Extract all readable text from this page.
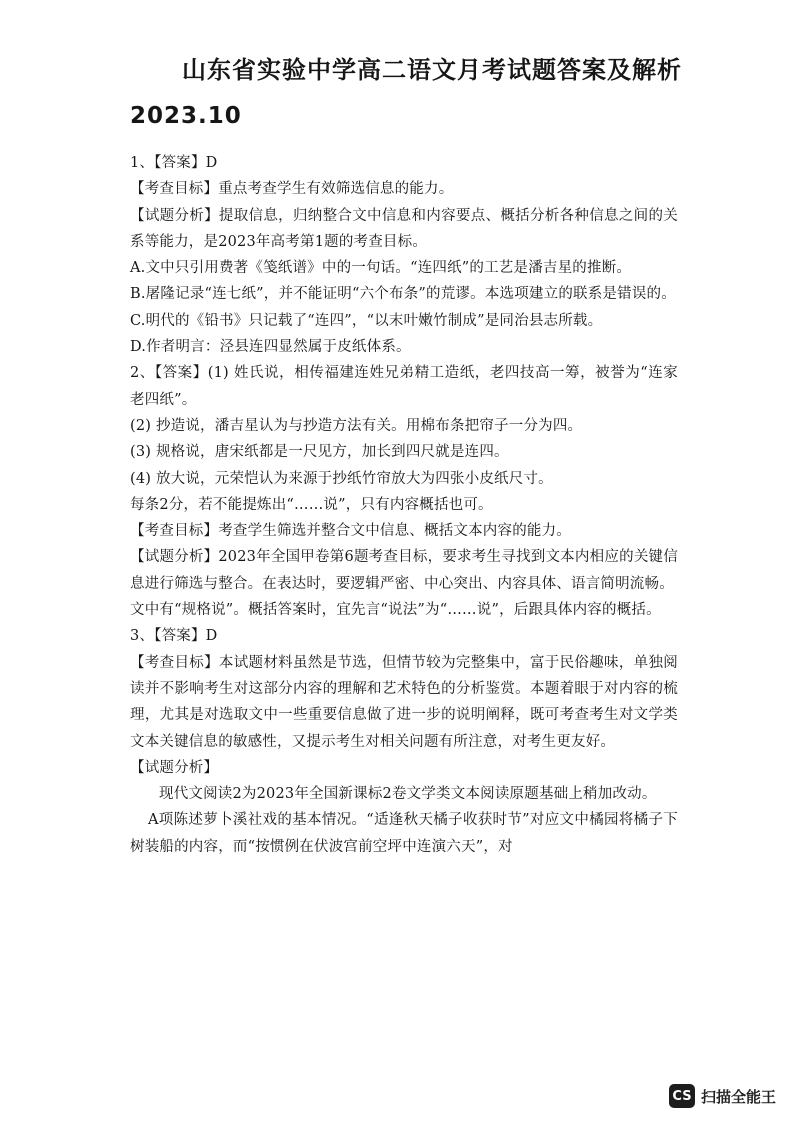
山东省实验中学高二语文月考试题答案及解析
2023.10

1、【答案】D

【考查目标】重点考查学生有效筛选信息的能力。

【试题分析】提取信息，归纳整合文中信息和内容要点、概括分析各种信息之间的关系等能力，是2023年高考第1题的考查目标。

A.文中只引用费著《笺纸谱》中的一句话。“连四纸”的工艺是潘吉星的推断。

B.屠隆记录“连七纸”，并不能证明“六个布条”的荒谬。本选项建立的联系是错误的。

C.明代的《铅书》只记载了“连四”，“以末叶嫩竹制成”是同治县志所载。

D.作者明言：泾县连四显然属于皮纸体系。

2、【答案】(1) 姓氏说，相传福建连姓兄弟精工造纸，老四技高一筹，被誉为“连家老四纸”。

(2) 抄造说，潘吉星认为与抄造方法有关。用棉布条把帘子一分为四。

(3) 规格说，唐宋纸都是一尺见方，加长到四尺就是连四。

(4) 放大说，元荣恺认为来源于抄纸竹帘放大为四张小皮纸尺寸。

每条2分，若不能提炼出“……说”，只有内容概括也可。

【考查目标】考查学生筛选并整合文中信息、概括文本内容的能力。

【试题分析】2023年全国甲卷第6题考查目标，要求考生寻找到文本内相应的关键信息进行筛选与整合。在表达时，要逻辑严密、中心突出、内容具体、语言简明流畅。

文中有“规格说”。概括答案时，宜先言“说法”为“……说”，后跟具体内容的概括。

3、【答案】D

【考查目标】本试题材料虽然是节选，但情节较为完整集中，富于民俗趣味，单独阅读并不影响考生对这部分内容的理解和艺术特色的分析鉴赏。本题着眼于对内容的梳理，尤其是对选取文中一些重要信息做了进一步的说明阐释，既可考查考生对文学类文本关键信息的敏感性，又提示考生对相关问题有所注意，对考生更友好。

【试题分析】

现代文阅读2为2023年全国新课标2卷文学类文本阅读原题基础上稍加改动。

A项陈述萝卜溪社戏的基本情况。“适逢秋天橘子收获时节”对应文中橘园将橘子下树装船的内容，而“按惯例在伏波宫前空坪中连演六天”，对

CS 扫描全能王
